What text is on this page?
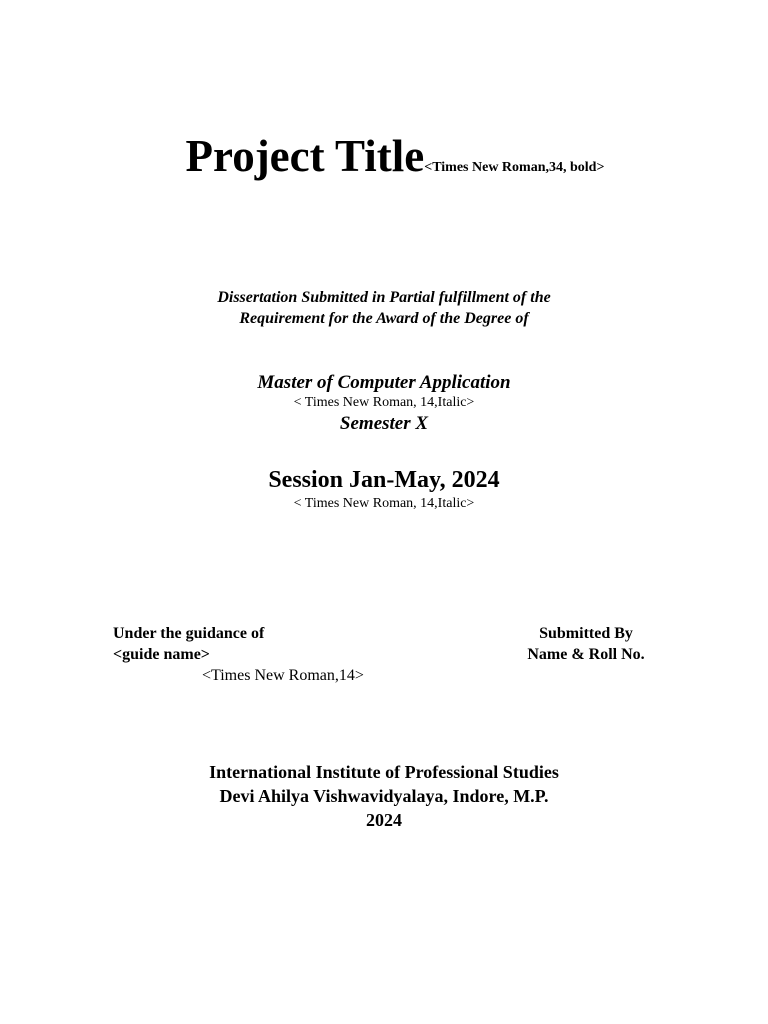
Project Title<Times New Roman,34, bold>
Dissertation Submitted in Partial fulfillment of the
Requirement for the Award of the Degree of
Master of Computer Application
< Times New Roman, 14,Italic>
Semester X
Session Jan-May, 2024
< Times New Roman, 14,Italic>
Under the guidance of
<guide name>
<Times New Roman,14>
Submitted By
Name & Roll No.
International Institute of Professional Studies
Devi Ahilya Vishwavidyalaya, Indore, M.P.
2024
